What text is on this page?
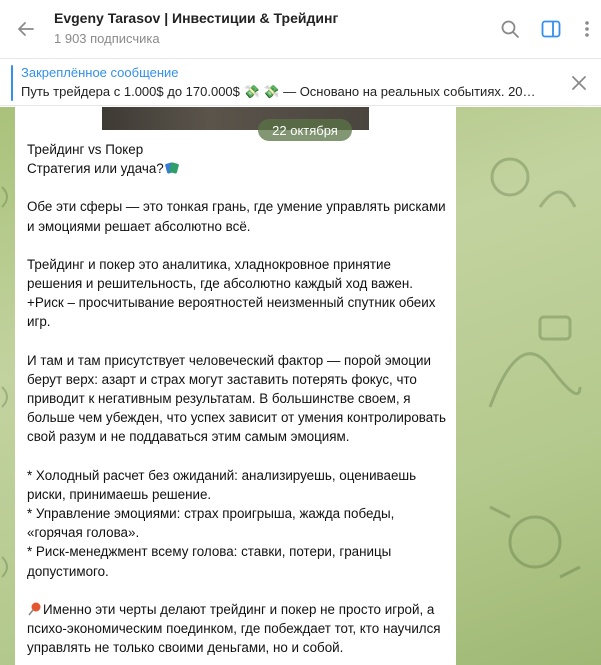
Evgeny Tarasov | Инвестиции & Трейдинг
1 903 подписчика
Закреплённое сообщение
Путь трейдера с 1.000$ до 170.000$ 💸 💸 — Основано на реальных событиях. 20…
22 октября

Трейдинг vs Покер
Стратегия или удача?

Обе эти сферы — это тонкая грань, где умение управлять рисками и эмоциями решает абсолютно всё.

Трейдинг и покер это аналитика, хладнокровное принятие решения и решительность, где абсолютно каждый ход важен. +Риск – просчитывание вероятностей неизменный спутник обеих игр.

И там и там присутствует человеческий фактор — порой эмоции берут верх: азарт и страх могут заставить потерять фокус, что приводит к негативным результатам. В большинстве своем, я больше чем убежден, что успех зависит от умения контролировать свой разум и не поддаваться этим самым эмоциям.

* Холодный расчет без ожиданий: анализируешь, оцениваешь риски, принимаешь решение.
* Управление эмоциями: страх проигрыша, жажда победы, «горячая голова».
* Риск-менеджмент всему голова: ставки, потери, границы допустимого.

Именно эти черты делают трейдинг и покер не просто игрой, а психо-экономическим поединком, где побеждает тот, кто научился управлять не только своими деньгами, но и собой.
